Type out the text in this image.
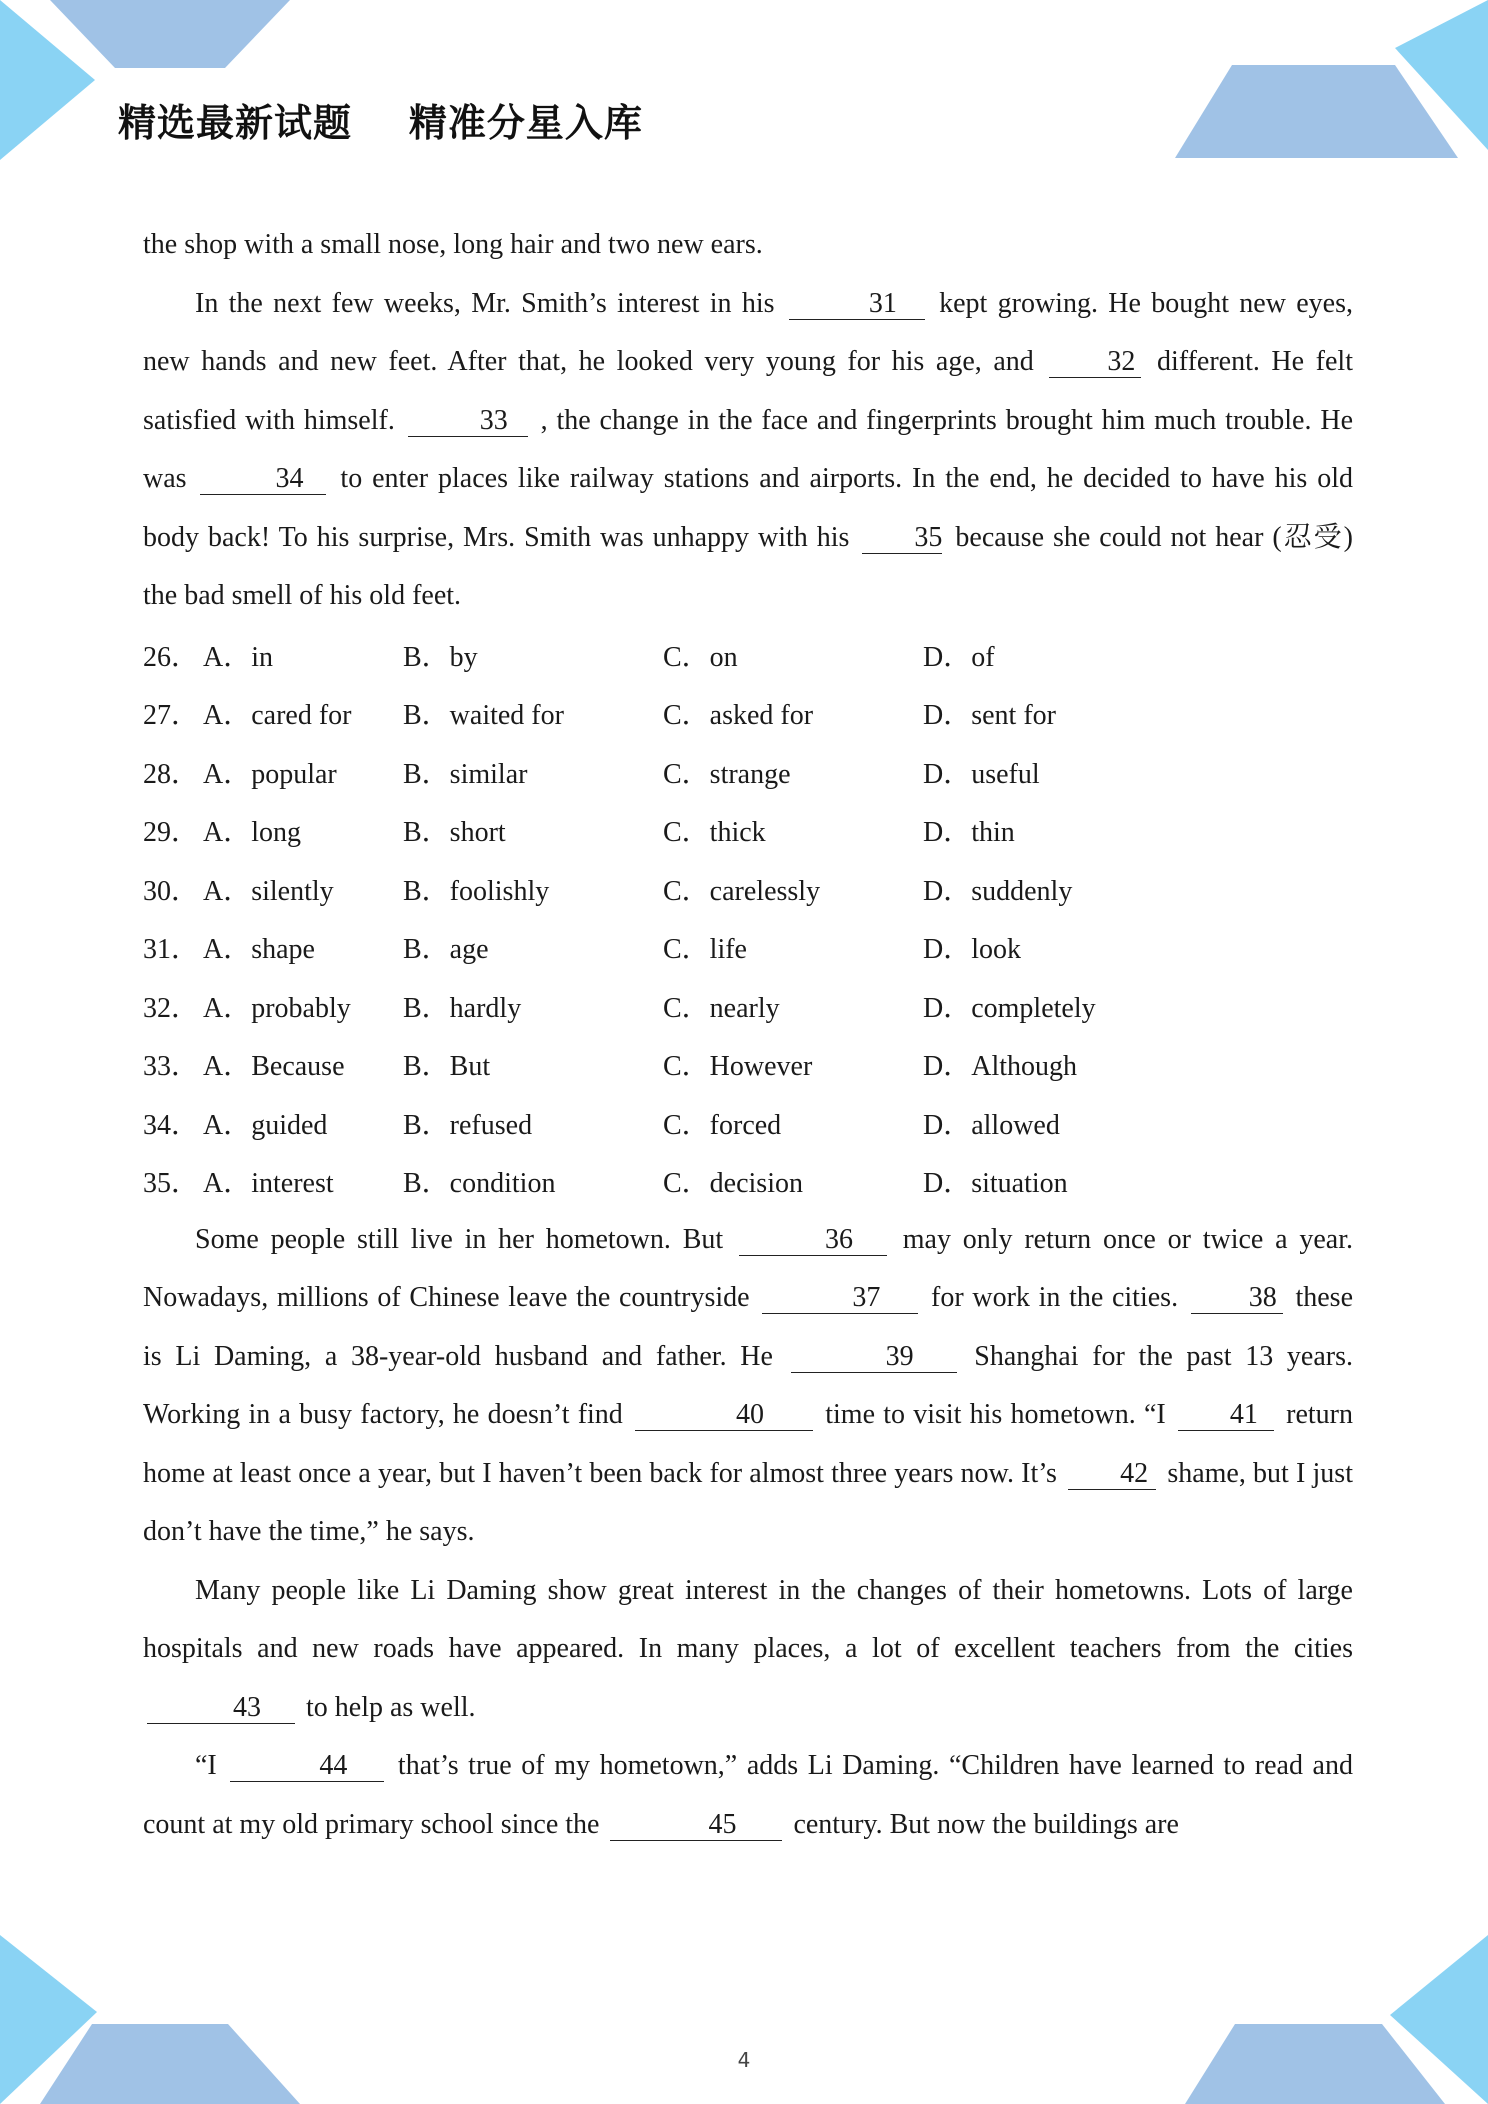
精选最新试题    精准分星入库

the shop with a small nose, long hair and two new ears.

In the next few weeks, Mr. Smith’s interest in his	31 kept growing. He bought new eyes, new hands and new feet. After that, he looked very young for his age, and 32 different. He felt satisfied with himself.	33 , the change in the face and fingerprints brought him much trouble. He was	34 to enter places like railway stations and airports. In the end, he decided to have his old body back! To his surprise, Mrs. Smith was unhappy with his 35 because she could not hear (忍受) the bad smell of his old feet.

26． A．in	B．by	C．on	D．of
27． A．cared for	B．waited for	C．asked for	D．sent for
28． A．popular	B．similar	C．strange	D．useful
29． A．long	B．short	C．thick	D．thin
30． A．silently	B．foolishly	C．carelessly	D．suddenly
31． A．shape	B．age	C．life	D．look
32． A．probably	B．hardly	C．nearly	D．completely
33． A．Because	B．But	C．However	D．Although
34． A．guided	B．refused	C．forced	D．allowed
35． A．interest	B．condition	C．decision	D．situation

Some people still live in her hometown. But	36 may only return once or twice a year. Nowadays, millions of Chinese leave the countryside	37 for work in the cities. 38 these is Li Daming, a 38-year-old husband and father. He	39 Shanghai for the past 13 years. Working in a busy factory, he doesn’t find	40 time to visit his hometown. “I 41 return home at least once a year, but I haven’t been back for almost three years now. It’s 42 shame, but I just don’t have the time,” he says.

Many people like Li Daming show great interest in the changes of their hometowns. Lots of large hospitals and new roads have appeared. In many places, a lot of excellent teachers from the cities 43 to help as well.

“I	44 that’s true of my hometown,” adds Li Daming. “Children have learned to read and count at my old primary school since the	45 century. But now the buildings are

4
